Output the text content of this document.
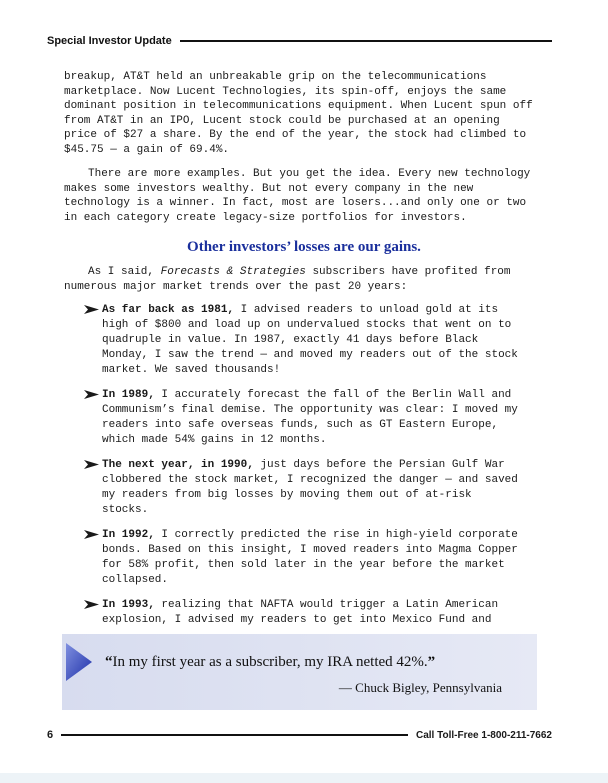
Special Investor Update
breakup, AT&T held an unbreakable grip on the telecommunications marketplace. Now Lucent Technologies, its spin-off, enjoys the same dominant position in telecommunications equipment. When Lucent spun off from AT&T in an IPO, Lucent stock could be purchased at an opening price of $27 a share. By the end of the year, the stock had climbed to $45.75 — a gain of 69.4%.
There are more examples. But you get the idea. Every new technology makes some investors wealthy. But not every company in the new technology is a winner. In fact, most are losers...and only one or two in each category create legacy-size portfolios for investors.
Other investors’ losses are our gains.
As I said, Forecasts & Strategies subscribers have profited from numerous major market trends over the past 20 years:
As far back as 1981, I advised readers to unload gold at its high of $800 and load up on undervalued stocks that went on to quadruple in value. In 1987, exactly 41 days before Black Monday, I saw the trend — and moved my readers out of the stock market. We saved thousands!
In 1989, I accurately forecast the fall of the Berlin Wall and Communism’s final demise. The opportunity was clear: I moved my readers into safe overseas funds, such as GT Eastern Europe, which made 54% gains in 12 months.
The next year, in 1990, just days before the Persian Gulf War clobbered the stock market, I recognized the danger — and saved my readers from big losses by moving them out of at-risk stocks.
In 1992, I correctly predicted the rise in high-yield corporate bonds. Based on this insight, I moved readers into Magma Copper for 58% profit, then sold later in the year before the market collapsed.
In 1993, realizing that NAFTA would trigger a Latin American explosion, I advised my readers to get into Mexico Fund and
“In my first year as a subscriber, my IRA netted 42%.”
— Chuck Bigley, Pennsylvania
6	Call Toll-Free 1-800-211-7662
